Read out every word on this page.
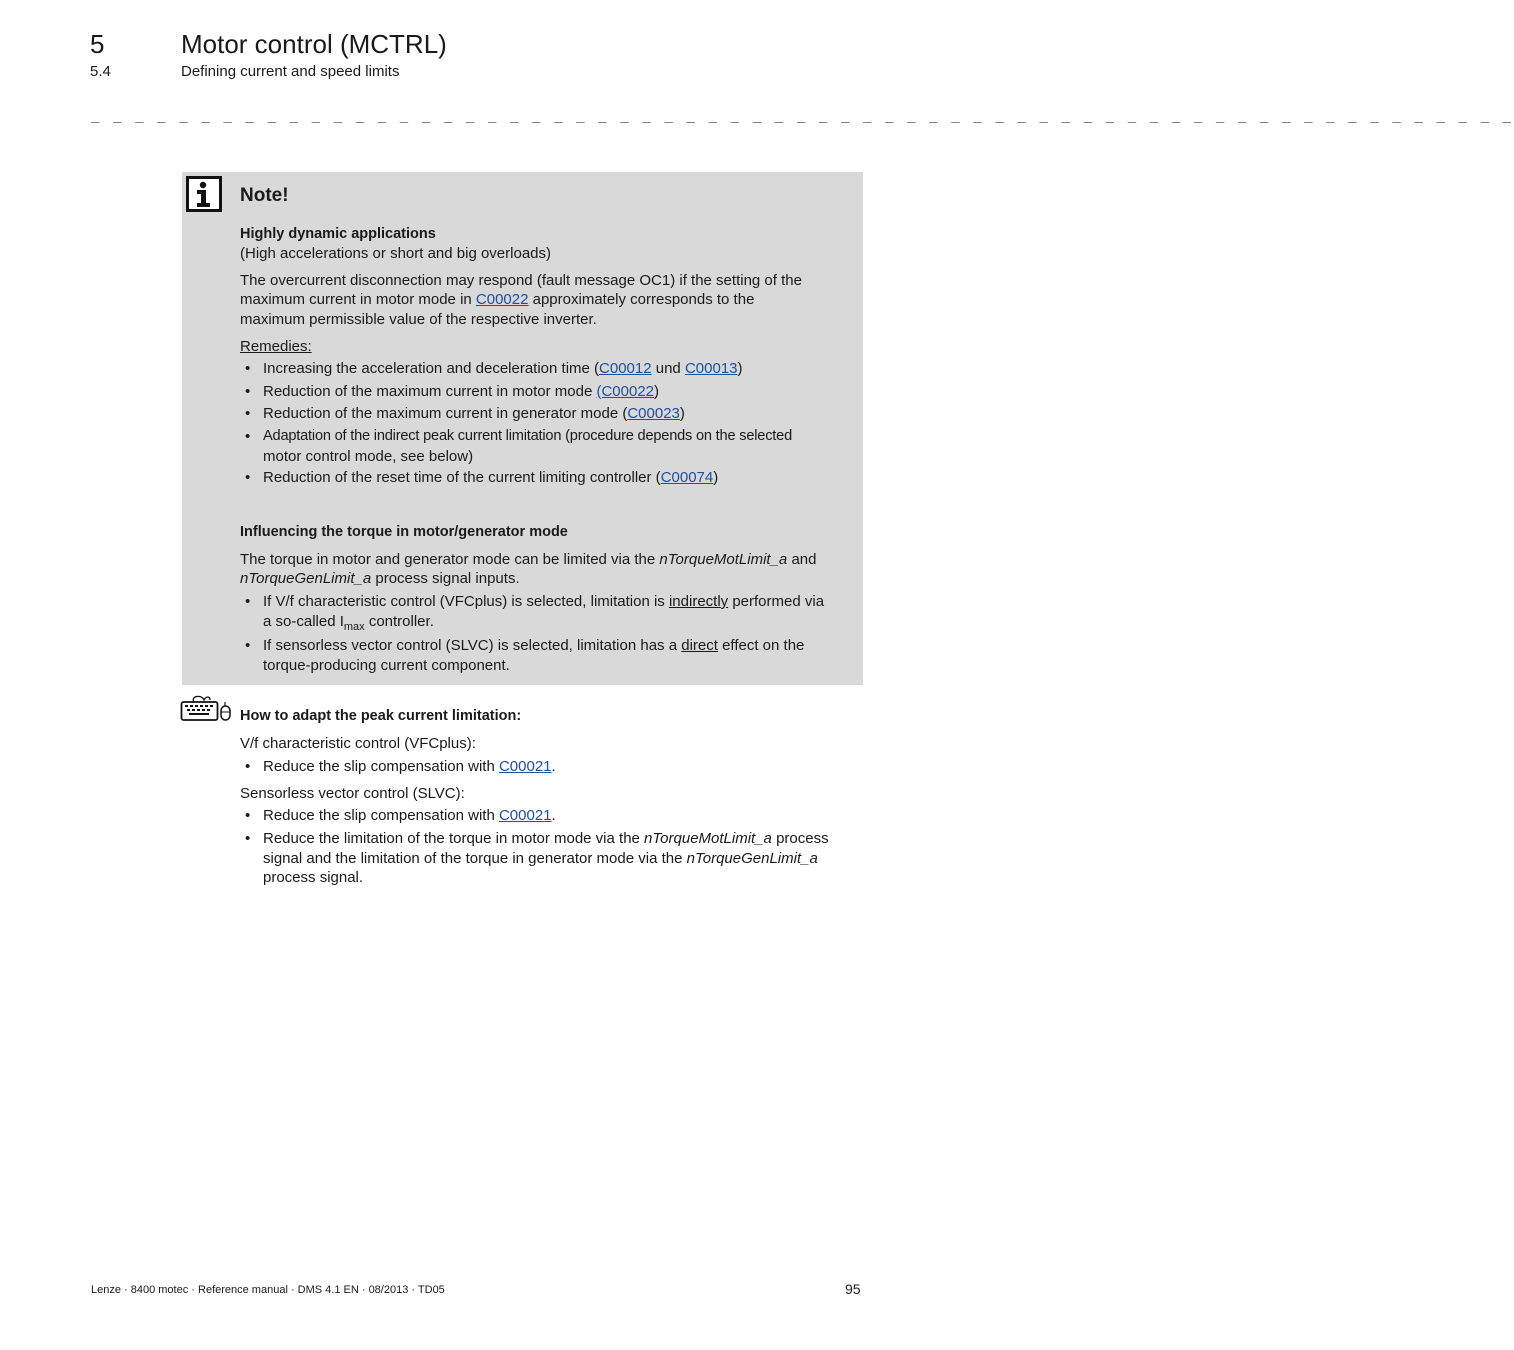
5	Motor control (MCTRL)
5.4	Defining current and speed limits
_ _ _ _ _ _ _ _ _ _ _ _ _ _ _ _ _ _ _ _ _ _ _ _ _ _ _ _ _ _ _ _ _ _ _ _ _ _ _ _ _ _ _ _ _ _ _ _ _ _ _ _ _ _ _ _ _ _ _ _ _ _ _ _ _
Note!
Highly dynamic applications
(High accelerations or short and big overloads)
The overcurrent disconnection may respond (fault message OC1) if the setting of the
maximum current in motor mode in C00022 approximately corresponds to the
maximum permissible value of the respective inverter.
Remedies:
• Increasing the acceleration and deceleration time (C00012 und C00013)
• Reduction of the maximum current in motor mode (C00022)
• Reduction of the maximum current in generator mode (C00023)
• Adaptation of the indirect peak current limitation (procedure depends on the selected
motor control mode, see below)
• Reduction of the reset time of the current limiting controller (C00074)
Influencing the torque in motor/generator mode
The torque in motor and generator mode can be limited via the nTorqueMotLimit_a and
nTorqueGenLimit_a process signal inputs.
• If V/f characteristic control (VFCplus) is selected, limitation is indirectly performed via
a so-called $I_{max}$ controller.
• If sensorless vector control (SLVC) is selected, limitation has a direct effect on the
torque-producing current component.
How to adapt the peak current limitation:
V/f characteristic control (VFCplus):
• Reduce the slip compensation with C00021.
Sensorless vector control (SLVC):
• Reduce the slip compensation with C00021.
• Reduce the limitation of the torque in motor mode via the nTorqueMotLimit_a process
signal and the limitation of the torque in generator mode via the nTorqueGenLimit_a
process signal.
Lenze · 8400 motec · Reference manual · DMS 4.1 EN · 08/2013 · TD05	95
